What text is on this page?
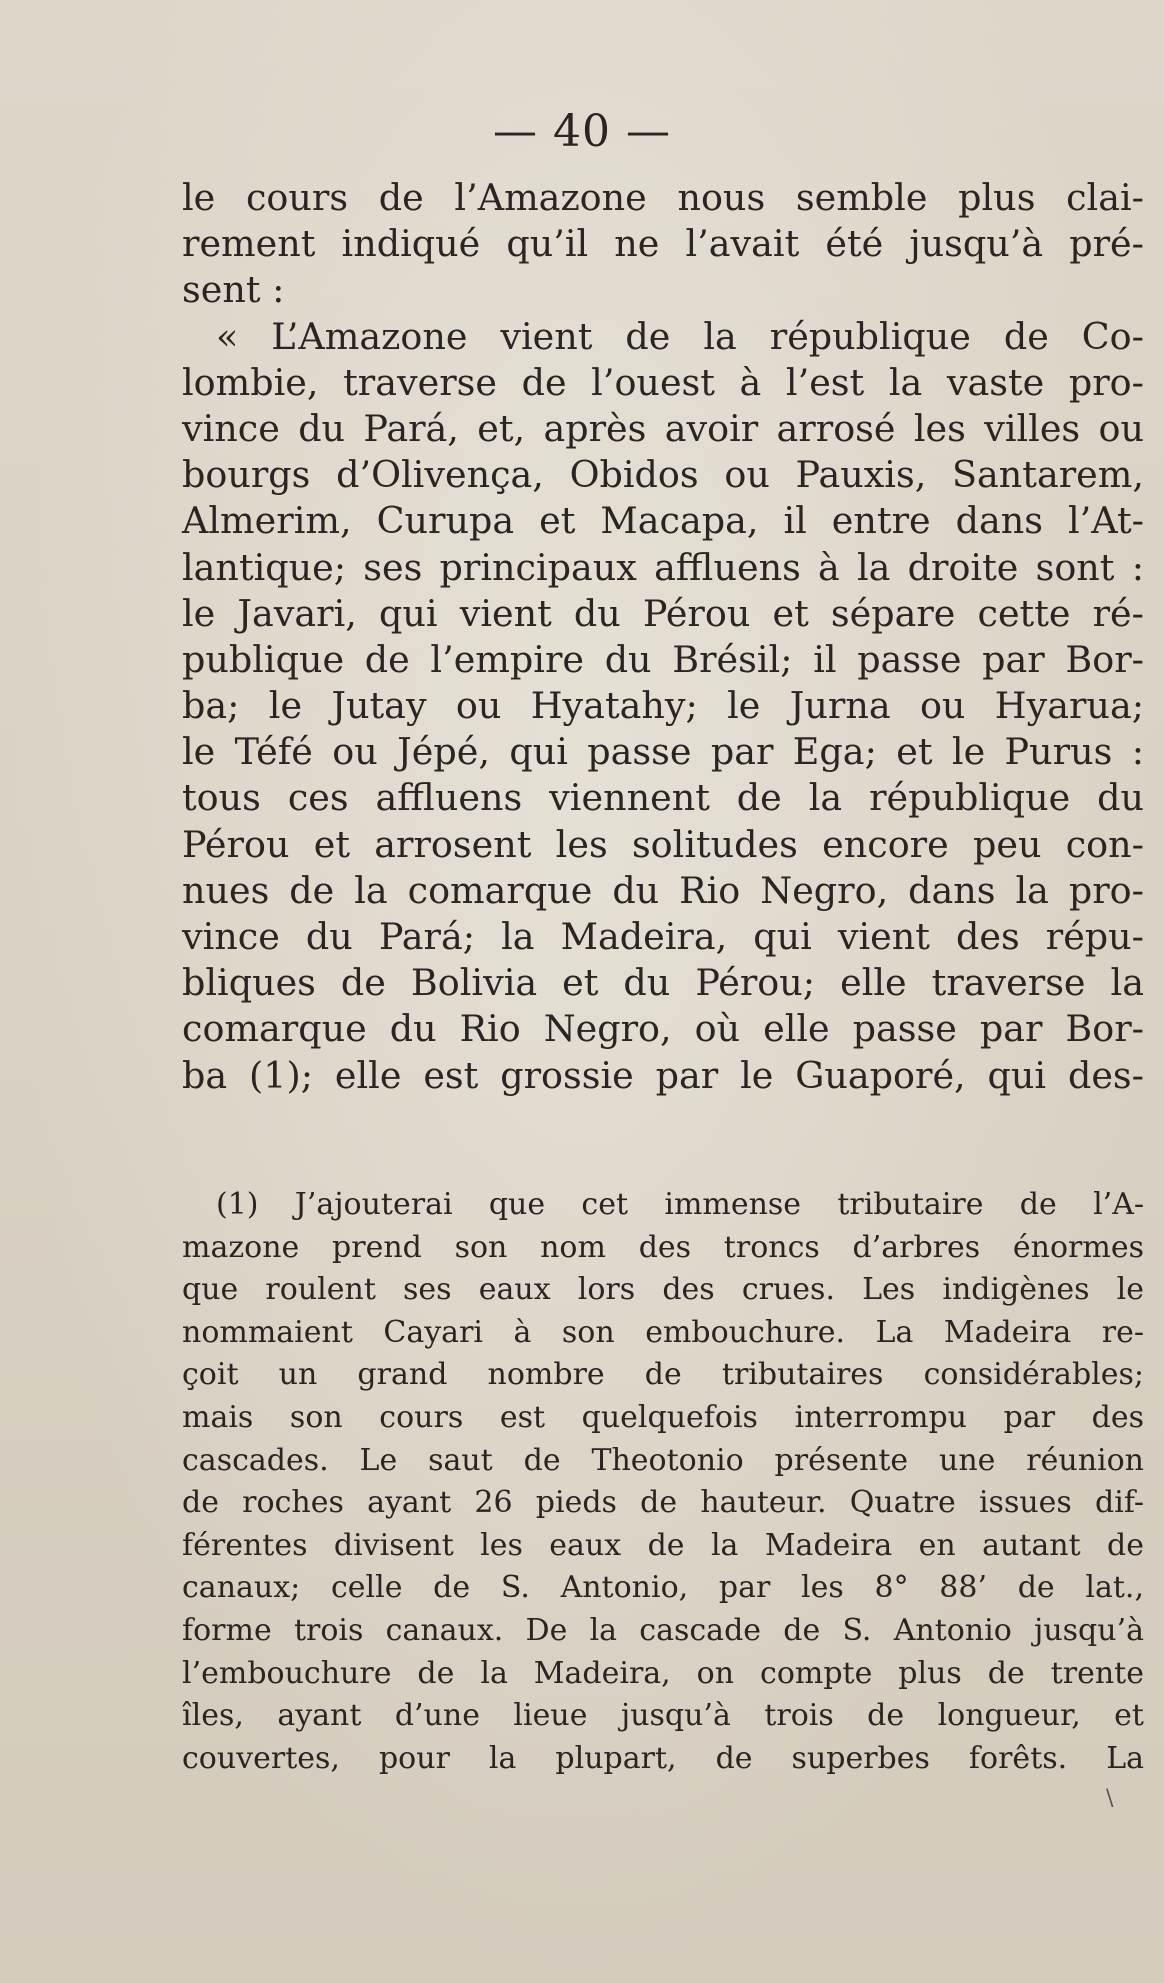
— 40 —
le cours de l’Amazone nous semble plus clai-
rement indiqué qu’il ne l’avait été jusqu’à pré-
sent :
« L’Amazone vient de la république de Co-
lombie, traverse de l’ouest à l’est la vaste pro-
vince du Pará, et, après avoir arrosé les villes ou
bourgs d’Olivença, Obidos ou Pauxis, Santarem,
Almerim, Curupa et Macapa, il entre dans l’At-
lantique; ses principaux affluens à la droite sont :
le Javari, qui vient du Pérou et sépare cette ré-
publique de l’empire du Brésil; il passe par Bor-
ba; le Jutay ou Hyatahy; le Jurna ou Hyarua;
le Téfé ou Jépé, qui passe par Ega; et le Purus :
tous ces affluens viennent de la république du
Pérou et arrosent les solitudes encore peu con-
nues de la comarque du Rio Negro, dans la pro-
vince du Pará; la Madeira, qui vient des répu-
bliques de Bolivia et du Pérou; elle traverse la
comarque du Rio Negro, où elle passe par Bor-
ba (1); elle est grossie par le Guaporé, qui des-
(1) J’ajouterai que cet immense tributaire de l’A-
mazone prend son nom des troncs d’arbres énormes
que roulent ses eaux lors des crues. Les indigènes le
nommaient Cayari à son embouchure. La Madeira re-
çoit un grand nombre de tributaires considérables;
mais son cours est quelquefois interrompu par des
cascades. Le saut de Theotonio présente une réunion
de roches ayant 26 pieds de hauteur. Quatre issues dif-
férentes divisent les eaux de la Madeira en autant de
canaux; celle de S. Antonio, par les 8° 88’ de lat.,
forme trois canaux. De la cascade de S. Antonio jusqu’à
l’embouchure de la Madeira, on compte plus de trente
îles, ayant d’une lieue jusqu’à trois de longueur, et
couvertes, pour la plupart, de superbes forêts. La
\
